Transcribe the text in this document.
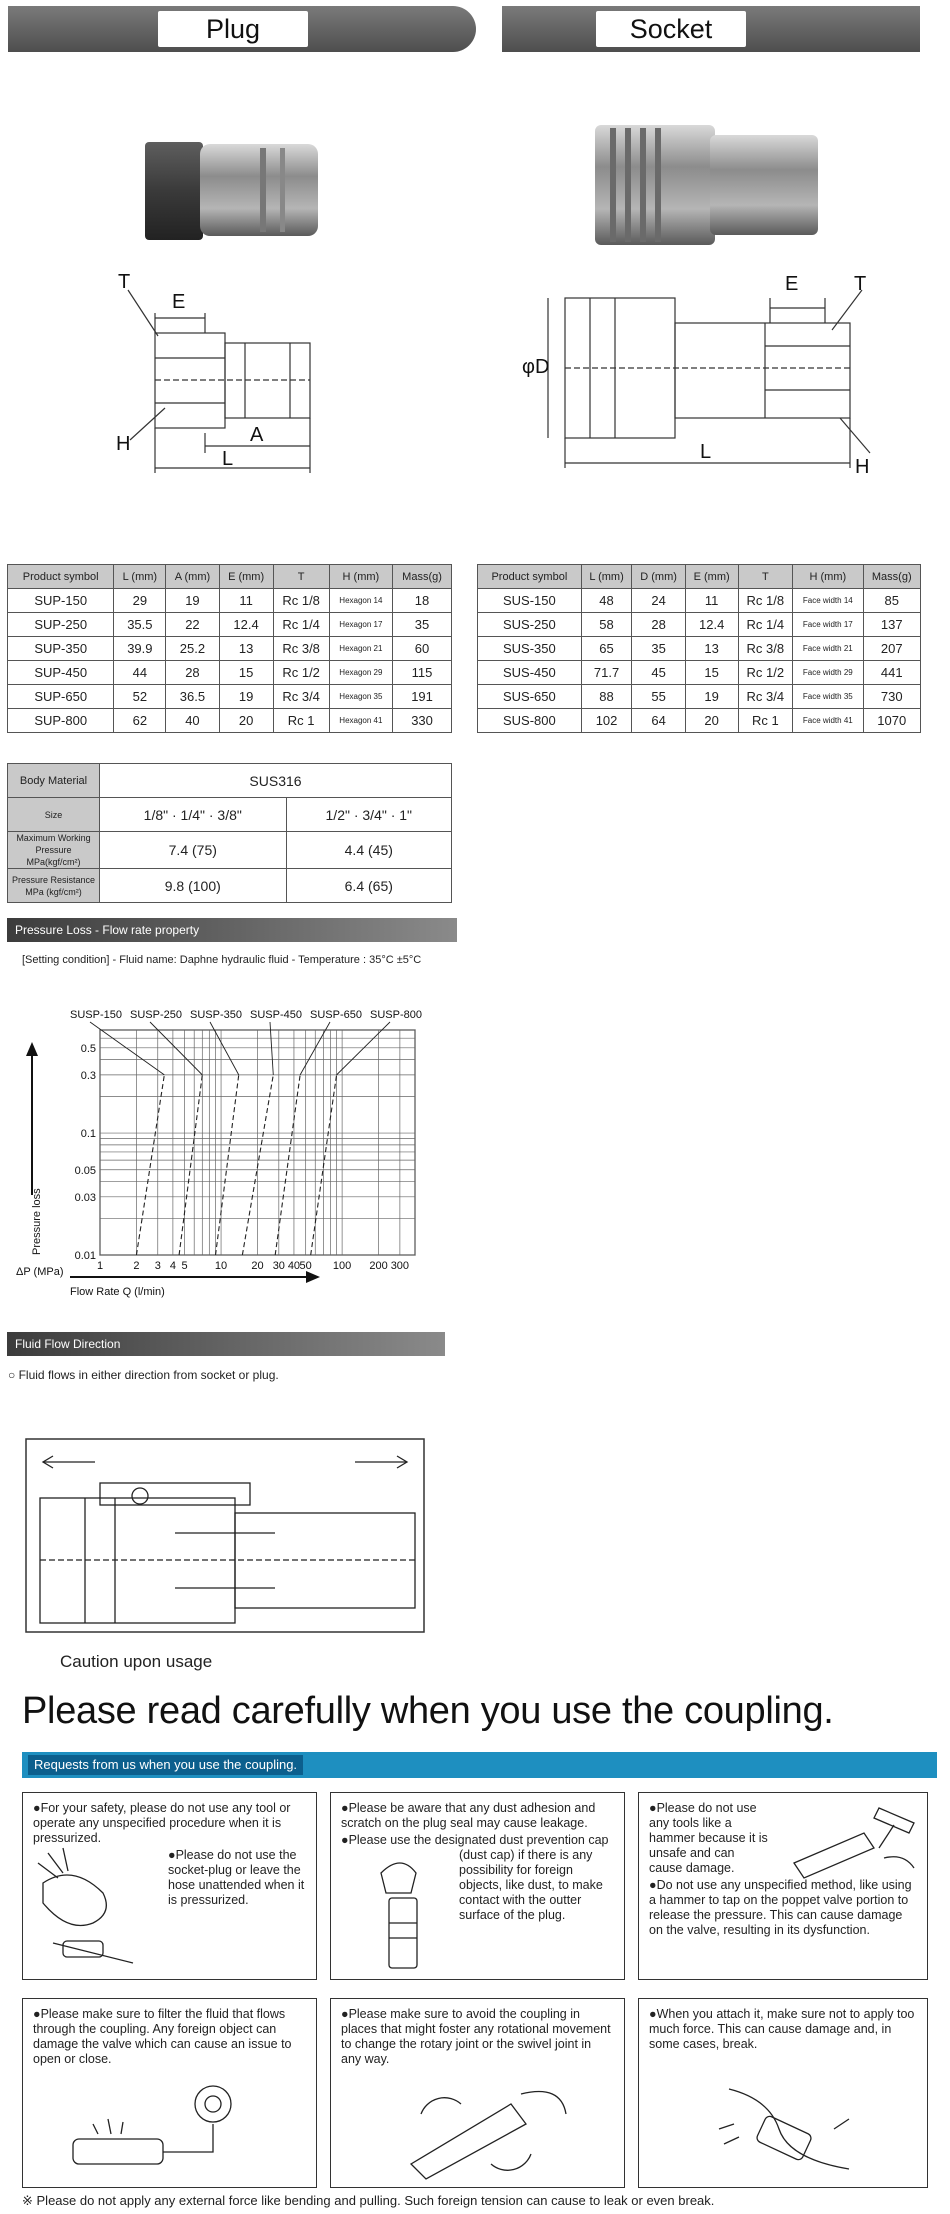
Plug	Socket
T
E
H	A
L
E	T
φD
L
H
Product symbol	L (mm)	A (mm)	E (mm)	T	H (mm)	Mass(g)
SUP-150	29	19	11	Rc 1/8	Hexagon 14	18
SUP-250	35.5	22	12.4	Rc 1/4	Hexagon 17	35
SUP-350	39.9	25.2	13	Rc 3/8	Hexagon 21	60
SUP-450	44	28	15	Rc 1/2	Hexagon 29	115
SUP-650	52	36.5	19	Rc 3/4	Hexagon 35	191
SUP-800	62	40	20	Rc 1	Hexagon 41	330
Product symbol	L (mm)	D (mm)	E (mm)	T	H (mm)	Mass(g)
SUS-150	48	24	11	Rc 1/8	Face width 14	85
SUS-250	58	28	12.4	Rc 1/4	Face width 17	137
SUS-350	65	35	13	Rc 3/8	Face width 21	207
SUS-450	71.7	45	15	Rc 1/2	Face width 29	441
SUS-650	88	55	19	Rc 3/4	Face width 35	730
SUS-800	102	64	20	Rc 1	Face width 41	1070
Body Material	SUS316	
Size	1/8" · 1/4" · 3/8"	1/2" · 3/4" · 1"
Maximum Working Pressure MPa(kgf/cm²)	7.4 (75)	4.4 (45)
Pressure Resistance MPa (kgf/cm²)	9.8 (100)	6.4 (65)
Pressure Loss - Flow rate property
[Setting condition] - Fluid name: Daphne hydraulic fluid - Temperature : 35°C ±5°C
1	2 3 4 5 10 20 30 40 50 100 200 300
0.5
0.3
0.1
0.05
0.03
0.01
SUSP-150 SUSP-250 SUSP-350 SUSP-450 SUSP-650 SUSP-800
Flow Rate Q (l/min)
Pressure loss
ΔP (MPa)
Fluid Flow Direction
○ Fluid flows in either direction from socket or plug.
Caution upon usage
Please read carefully when you use the coupling.
Requests from us when you use the coupling.

● For your safety, please do not use any tool or operate any unspecified procedure when it is pressurized.

● Please do not use the socket-plug or leave the hose unattended when it is pressurized.

● Please be aware that any dust adhesion and scratch on the plug seal may cause leakage.

● Please use the designated dust prevention cap (dust cap) if there is any possibility for foreign objects, like dust, to make contact with the outter surface of the plug.

● Please do not use any tools like a hammer because it is unsafe and can cause damage.

● Do not use any unspecified method, like using a hammer to tap on the poppet valve portion to release the pressure. This can cause damage on the valve, resulting in its dysfunction.

● Please make sure to filter the fluid that flows through the coupling. Any foreign object can damage the valve which can cause an issue to open or close.

● Please make sure to avoid the coupling in places that might foster any rotational movement to change the rotary joint or the swivel joint in any way.

● When you attach it, make sure not to apply too much force. This can cause damage and, in some cases, break.

※ Please do not apply any external force like bending and pulling. Such foreign tension can cause to leak or even break.
